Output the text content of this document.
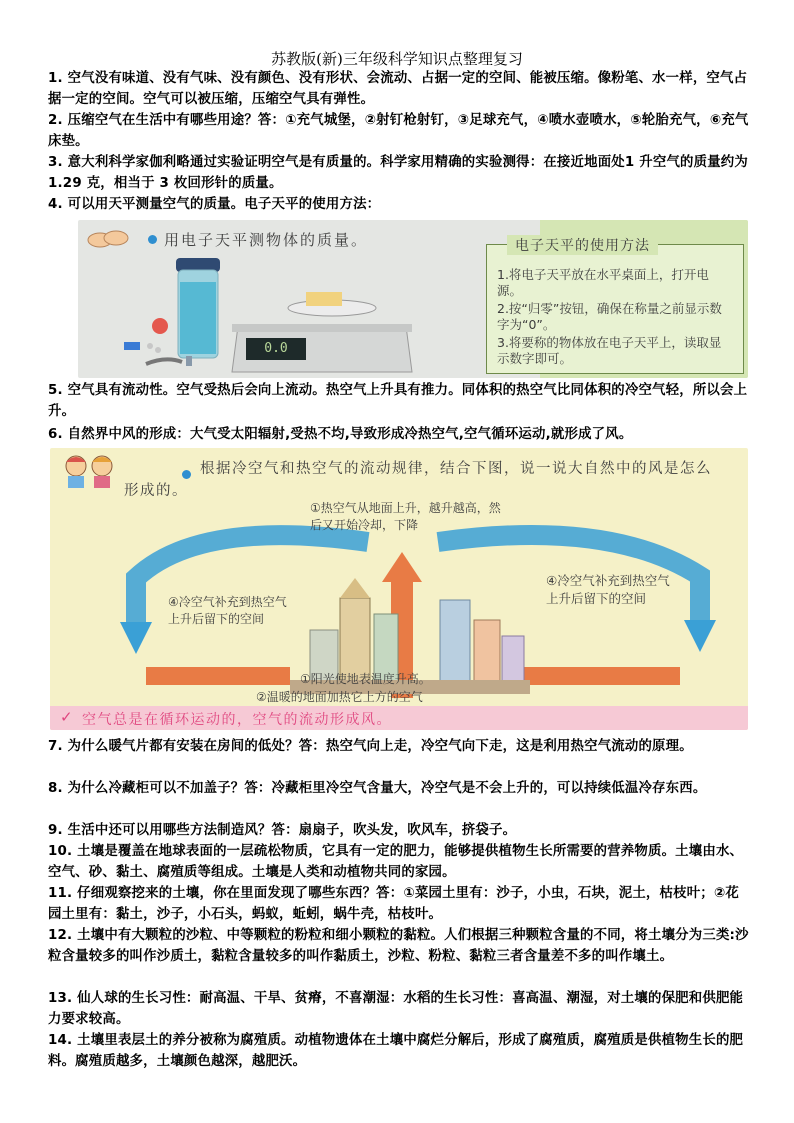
苏教版(新)三年级科学知识点整理复习
1. 空气没有味道、没有气味、没有颜色、没有形状、会流动、占据一定的空间、能被压缩。像粉笔、水一样，空气占据一定的空间。空气可以被压缩，压缩空气具有弹性。
2. 压缩空气在生活中有哪些用途？答：①充气城堡，②射钉枪射钉，③足球充气，④喷水壶喷水，⑤轮胎充气，⑥充气床垫。
3. 意大利科学家伽利略通过实验证明空气是有质量的。科学家用精确的实验测得：在接近地面处1 升空气的质量约为 1.29 克，相当于 3 枚回形针的质量。
4. 可以用天平测量空气的质量。电子天平的使用方法：
用电子天平测物体的质量。
0.0
电子天平的使用方法
1.将电子天平放在水平桌面上，打开电源。
2.按“归零”按钮，确保在称量之前显示数字为“0”。
3.将要称的物体放在电子天平上，读取显示数字即可。
5. 空气具有流动性。空气受热后会向上流动。热空气上升具有推力。同体积的热空气比同体积的冷空气轻，所以会上升。
6. 自然界中风的形成：大气受太阳辐射,受热不均,导致形成冷热空气,空气循环运动,就形成了风。
根据冷空气和热空气的流动规律，结合下图，说一说大自然中的风是怎么形成的。
①热空气从地面上升，越升越高，然后又开始冷却，下降
④冷空气补充到热空气上升后留下的空间
④冷空气补充到热空气上升后留下的空间
①阳光使地表温度升高。
②温暖的地面加热它上方的空气
✓ 空气总是在循环运动的，空气的流动形成风。
7. 为什么暖气片都有安装在房间的低处？答：热空气向上走，冷空气向下走，这是利用热空气流动的原理。
8. 为什么冷藏柜可以不加盖子？答：冷藏柜里冷空气含量大，冷空气是不会上升的，可以持续低温冷存东西。
9. 生活中还可以用哪些方法制造风？答：扇扇子，吹头发，吹风车，挤袋子。
10. 土壤是覆盖在地球表面的一层疏松物质，它具有一定的肥力，能够提供植物生长所需要的营养物质。土壤由水、空气、砂、黏土、腐殖质等组成。土壤是人类和动植物共同的家园。
11. 仔细观察挖来的土壤，你在里面发现了哪些东西？答：①菜园土里有：沙子，小虫，石块，泥土，枯枝叶；②花园土里有：黏土，沙子，小石头，蚂蚁，蚯蚓，蜗牛壳，枯枝叶。
12. 土壤中有大颗粒的沙粒、中等颗粒的粉粒和细小颗粒的黏粒。人们根据三种颗粒含量的不同，将土壤分为三类:沙粒含量较多的叫作沙质土，黏粒含量较多的叫作黏质土，沙粒、粉粒、黏粒三者含量差不多的叫作壤土。
13. 仙人球的生长习性：耐高温、干旱、贫瘠，不喜潮湿：水稻的生长习性：喜高温、潮湿，对土壤的保肥和供肥能力要求较高。
14. 土壤里表层土的养分被称为腐殖质。动植物遗体在土壤中腐烂分解后，形成了腐殖质，腐殖质是供植物生长的肥料。腐殖质越多，土壤颜色越深，越肥沃。
